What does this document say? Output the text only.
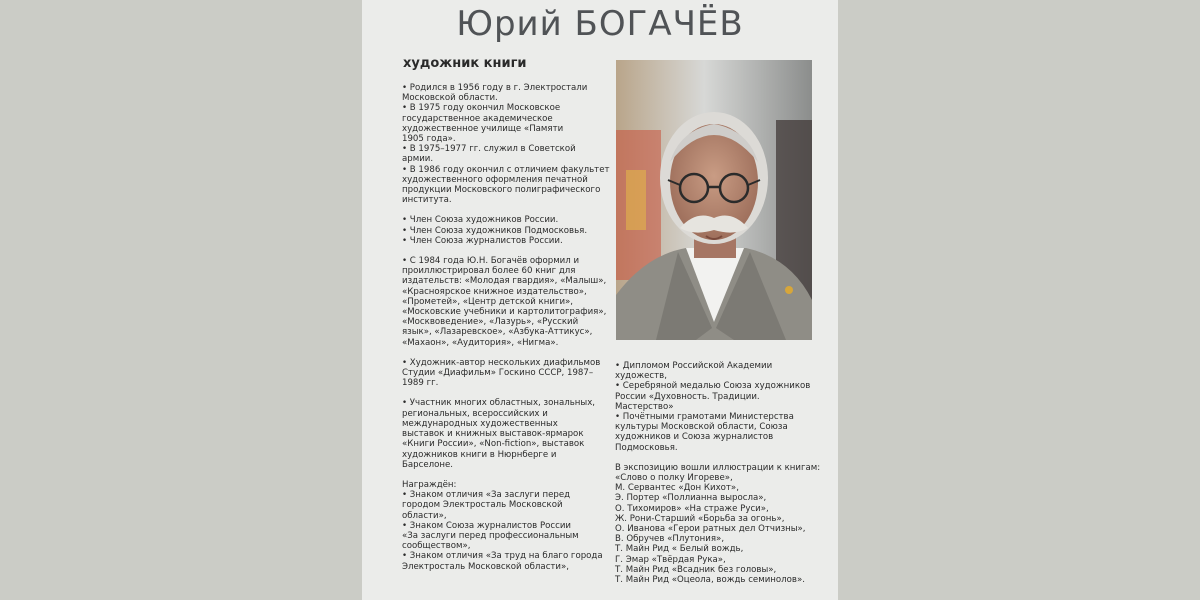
Юрий БОГАЧЁВ
художник книги

• Родился в 1956 году в г. Электростали
Московской области.
• В 1975 году окончил Московское
государственное академическое
художественное училище «Памяти
1905 года».
• В 1975–1977 гг. служил в Советской
армии.
• В 1986 году окончил с отличием факультет
художественного оформления печатной
продукции Московского полиграфического
института.

• Член Союза художников России.
• Член Союза художников Подмосковья.
• Член Союза журналистов России.

• С 1984 года Ю.Н. Богачёв оформил и
проиллюстрировал более 60 книг для
издательств: «Молодая гвардия», «Малыш»,
«Красноярское книжное издательство»,
«Прометей», «Центр детской книги»,
«Московские учебники и картолитография»,
«Москвоведение», «Лазурь», «Русский
язык», «Лазаревское», «Азбука-Аттикус»,
«Махаон», «Аудитория», «Нигма».

• Художник-автор нескольких диафильмов
Студии «Диафильм» Госкино СССР, 1987–
1989 гг.

• Участник многих областных, зональных,
региональных, всероссийских и
международных художественных
выставок и книжных выставок-ярмарок
«Книги России», «Non-fiction», выставок
художников книги в Нюрнберге и
Барселоне.

Награждён:
• Знаком отличия «За заслуги перед
городом Электросталь Московской
области»,
• Знаком Союза журналистов России
«За заслуги перед профессиональным
сообществом»,
• Знаком отличия «За труд на благо города
Электросталь Московской области»,

• Дипломом Российской Академии
художеств,
• Серебряной медалью Союза художников
России «Духовность. Традиции.
Мастерство»
• Почётными грамотами Министерства
культуры Московской области, Союза
художников и Союза журналистов
Подмосковья.

В экспозицию вошли иллюстрации к книгам:
«Слово о полку Игореве»,
М. Сервантес «Дон Кихот»,
Э. Портер «Поллианна выросла»,
О. Тихомиров» «На страже Руси»,
Ж. Рони-Старший «Борьба за огонь»,
О. Иванова «Герои ратных дел Отчизны»,
В. Обручев «Плутония»,
Т. Майн Рид « Белый вождь,
Г. Эмар «Твёрдая Рука»,
Т. Майн Рид «Всадник без головы»,
Т. Майн Рид «Оцеола, вождь семинолов».
